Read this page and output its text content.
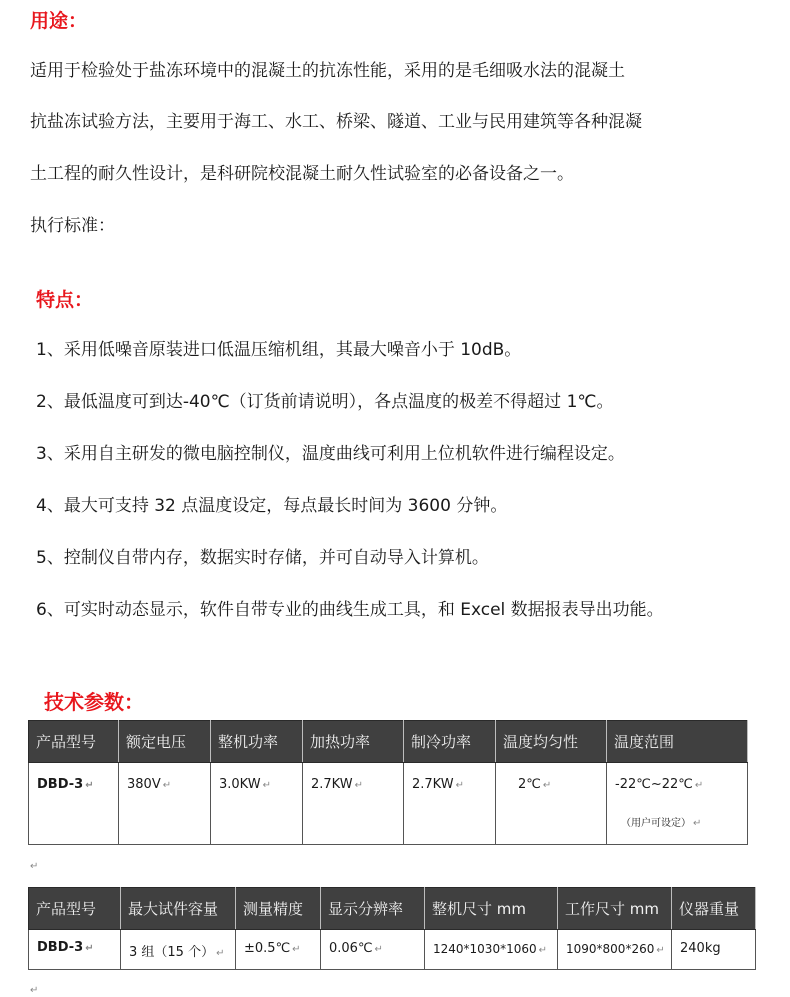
用途：

适用于检验处于盐冻环境中的混凝土的抗冻性能，采用的是毛细吸水法的混凝土

抗盐冻试验方法，主要用于海工、水工、桥梁、隧道、工业与民用建筑等各种混凝

土工程的耐久性设计，是科研院校混凝土耐久性试验室的必备设备之一。

执行标准：

特点：

1、采用低噪音原装进口低温压缩机组，其最大噪音小于 10dB。

2、最低温度可到达-40℃（订货前请说明），各点温度的极差不得超过 1℃。

3、采用自主研发的微电脑控制仪，温度曲线可利用上位机软件进行编程设定。

4、最大可支持 32 点温度设定，每点最长时间为 3600 分钟。

5、控制仪自带内存，数据实时存储，并可自动导入计算机。

6、可实时动态显示，软件自带专业的曲线生成工具，和 Excel 数据报表导出功能。

技术参数：
产品型号	额定电压	整机功率	加热功率	制冷功率	温度均匀性	温度范围
DBD-3 ↵	380V ↵	3.0KW ↵	2.7KW ↵	2.7KW ↵	2℃ ↵	-22℃~22℃ ↵
（用户可设定） ↵
↵
产品型号	最大试件容量	测量精度	显示分辨率	整机尺寸 mm	工作尺寸 mm	仪器重量
DBD-3 ↵	3 组（15 个） ↵	±0.5℃ ↵	0.06℃ ↵	1240*1030*1060 ↵	1090*800*260 ↵	240kg
↵
